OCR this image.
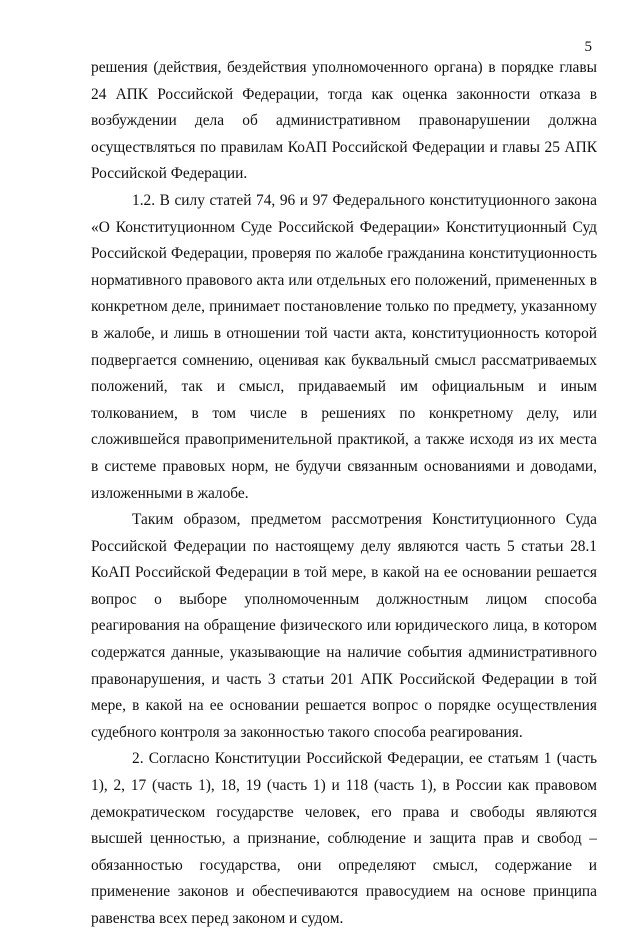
5

решения (действия, бездействия уполномоченного органа) в порядке главы 24 АПК Российской Федерации, тогда как оценка законности отказа в возбуждении дела об административном правонарушении должна осуществляться по правилам КоАП Российской Федерации и главы 25 АПК Российской Федерации.

1.2. В силу статей 74, 96 и 97 Федерального конституционного закона «О Конституционном Суде Российской Федерации» Конституционный Суд Российской Федерации, проверяя по жалобе гражданина конституционность нормативного правового акта или отдельных его положений, примененных в конкретном деле, принимает постановление только по предмету, указанному в жалобе, и лишь в отношении той части акта, конституционность которой подвергается сомнению, оценивая как буквальный смысл рассматриваемых положений, так и смысл, придаваемый им официальным и иным толкованием, в том числе в решениях по конкретному делу, или сложившейся правоприменительной практикой, а также исходя из их места в системе правовых норм, не будучи связанным основаниями и доводами, изложенными в жалобе.

Таким образом, предметом рассмотрения Конституционного Суда Российской Федерации по настоящему делу являются часть 5 статьи 28.1 КоАП Российской Федерации в той мере, в какой на ее основании решается вопрос о выборе уполномоченным должностным лицом способа реагирования на обращение физического или юридического лица, в котором содержатся данные, указывающие на наличие события административного правонарушения, и часть 3 статьи 201 АПК Российской Федерации в той мере, в какой на ее основании решается вопрос о порядке осуществления судебного контроля за законностью такого способа реагирования.

2. Согласно Конституции Российской Федерации, ее статьям 1 (часть 1), 2, 17 (часть 1), 18, 19 (часть 1) и 118 (часть 1), в России как правовом демократическом государстве человек, его права и свободы являются высшей ценностью, а признание, соблюдение и защита прав и свобод – обязанностью государства, они определяют смысл, содержание и применение законов и обеспечиваются правосудием на основе принципа равенства всех перед законом и судом.
